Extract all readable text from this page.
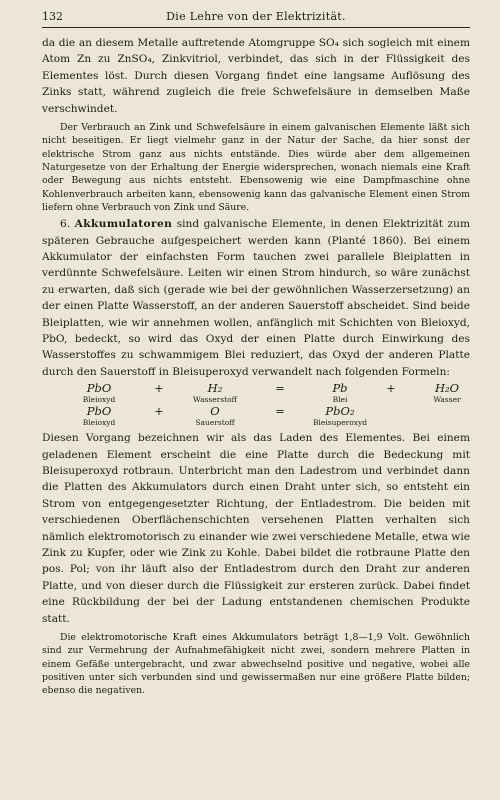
132	Die Lehre von der Elektrizität.

da die an diesem Metalle auftretende Atomgruppe SO₄ sich sogleich mit einem Atom Zn zu ZnSO₄, Zinkvitriol, verbindet, das sich in der Flüssigkeit des Elementes löst. Durch diesen Vorgang findet eine langsame Auflösung des Zinks statt, während zugleich die freie Schwefelsäure in demselben Maße verschwindet.

Der Verbrauch an Zink und Schwefelsäure in einem galvanischen Elemente läßt sich nicht beseitigen. Er liegt vielmehr ganz in der Natur der Sache, da hier sonst der elektrische Strom ganz aus nichts entstände. Dies würde aber dem allgemeinen Naturgesetze von der Erhaltung der Energie widersprechen, wonach niemals eine Kraft oder Bewegung aus nichts entsteht. Ebensowenig wie eine Dampfmaschine ohne Kohlenverbrauch arbeiten kann, ebensowenig kann das galvanische Element einen Strom liefern ohne Verbrauch von Zink und Säure.

6. Akkumulatoren sind galvanische Elemente, in denen Elektrizität zum späteren Gebrauche aufgespeichert werden kann (Planté 1860). Bei einem Akkumulator der einfachsten Form tauchen zwei parallele Bleiplatten in verdünnte Schwefelsäure. Leiten wir einen Strom hindurch, so wäre zunächst zu erwarten, daß sich (gerade wie bei der gewöhnlichen Wasserzersetzung) an der einen Platte Wasserstoff, an der anderen Sauerstoff abscheidet. Sind beide Bleiplatten, wie wir annehmen wollen, anfänglich mit Schichten von Bleioxyd, PbO, bedeckt, so wird das Oxyd der einen Platte durch Einwirkung des Wasserstoffes zu schwammigem Blei reduziert, das Oxyd der anderen Platte durch den Sauerstoff in Bleisuperoxyd verwandelt nach folgenden Formeln:

PbO	+	H₂	=	Pb	+	H₂O
Bleioxyd	Wasserstoff	Blei	Wasser
PbO	+	O	=	PbO₂
Bleioxyd	Sauerstoff	Bleisuperoxyd

Diesen Vorgang bezeichnen wir als das Laden des Elementes. Bei einem geladenen Element erscheint die eine Platte durch die Bedeckung mit Bleisuperoxyd rotbraun. Unterbricht man den Ladestrom und verbindet dann die Platten des Akkumulators durch einen Draht unter sich, so entsteht ein Strom von entgegengesetzter Richtung, der Entladestrom. Die beiden mit verschiedenen Oberflächenschichten versehenen Platten verhalten sich nämlich elektromotorisch zu einander wie zwei verschiedene Metalle, etwa wie Zink zu Kupfer, oder wie Zink zu Kohle. Dabei bildet die rotbraune Platte den pos. Pol; von ihr läuft also der Entladestrom durch den Draht zur anderen Platte, und von dieser durch die Flüssigkeit zur ersteren zurück. Dabei findet eine Rückbildung der bei der Ladung entstandenen chemischen Produkte statt.

Die elektromotorische Kraft eines Akkumulators beträgt 1,8—1,9 Volt. Gewöhnlich sind zur Vermehrung der Aufnahmefähigkeit nicht zwei, sondern mehrere Platten in einem Gefäße untergebracht, und zwar abwechselnd positive und negative, wobei alle positiven unter sich verbunden sind und gewissermaßen nur eine größere Platte bilden; ebenso die negativen.
